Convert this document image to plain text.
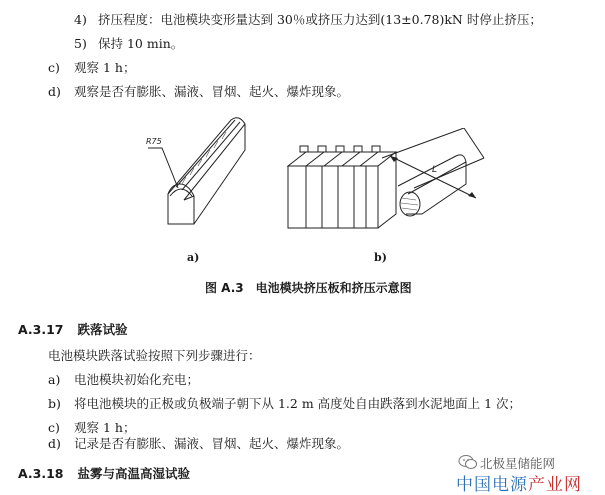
4) 挤压程度：电池模块变形量达到 30％或挤压力达到(13±0.78)kN 时停止挤压；
5) 保持 10 min。
c) 观察 1 h；
d) 观察是否有膨胀、漏液、冒烟、起火、爆炸现象。
R75
L
a)	b)
图 A.3　电池模块挤压板和挤压示意图
A.3.17 跌落试验
电池模块跌落试验按照下列步骤进行：
a) 电池模块初始化充电；
b) 将电池模块的正极或负极端子朝下从 1.2 m 高度处自由跌落到水泥地面上 1 次；
c) 观察 1 h；
d) 记录是否有膨胀、漏液、冒烟、起火、爆炸现象。
A.3.18 盐雾与高温高湿试验
北极星储能网
中国电源产业网
